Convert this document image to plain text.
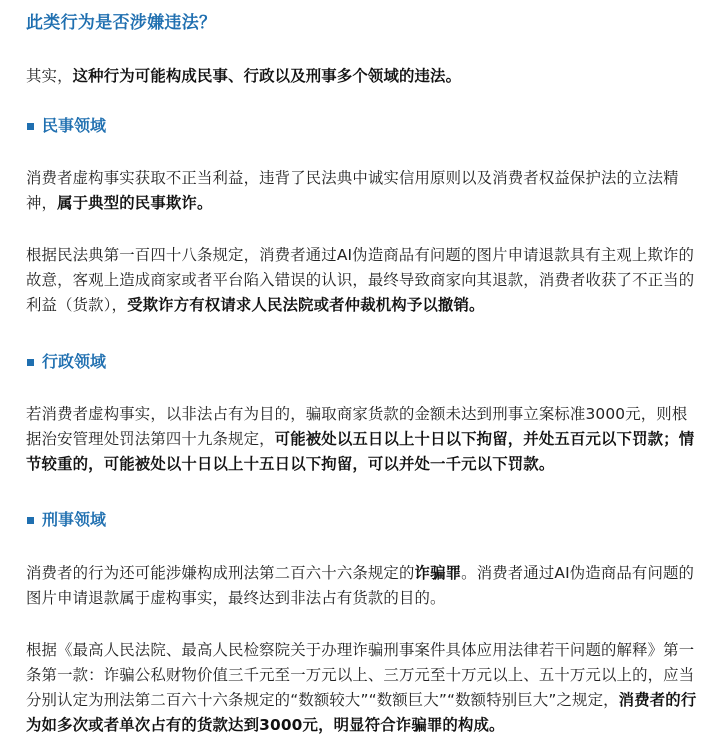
此类行为是否涉嫌违法？

其实，这种行为可能构成民事、行政以及刑事多个领域的违法。

民事领域

消费者虚构事实获取不正当利益，违背了民法典中诚实信用原则以及消费者权益保护法的立法精神，属于典型的民事欺诈。

根据民法典第一百四十八条规定，消费者通过AI伪造商品有问题的图片申请退款具有主观上欺诈的故意，客观上造成商家或者平台陷入错误的认识，最终导致商家向其退款，消费者收获了不正当的利益（货款），受欺诈方有权请求人民法院或者仲裁机构予以撤销。

行政领域

若消费者虚构事实，以非法占有为目的，骗取商家货款的金额未达到刑事立案标准3000元，则根据治安管理处罚法第四十九条规定，可能被处以五日以上十日以下拘留，并处五百元以下罚款；情节较重的，可能被处以十日以上十五日以下拘留，可以并处一千元以下罚款。

刑事领域

消费者的行为还可能涉嫌构成刑法第二百六十六条规定的诈骗罪。消费者通过AI伪造商品有问题的图片申请退款属于虚构事实，最终达到非法占有货款的目的。

根据《最高人民法院、最高人民检察院关于办理诈骗刑事案件具体应用法律若干问题的解释》第一条第一款：诈骗公私财物价值三千元至一万元以上、三万元至十万元以上、五十万元以上的，应当分别认定为刑法第二百六十六条规定的“数额较大”“数额巨大”“数额特别巨大”之规定，消费者的行为如多次或者单次占有的货款达到3000元，明显符合诈骗罪的构成。
